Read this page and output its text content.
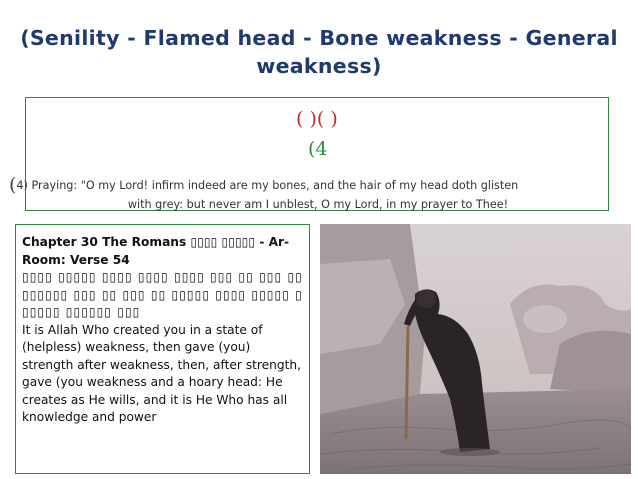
(Senility - Flamed head - Bone weakness - General weakness)
( )( )
(4
(4) Praying: "O my Lord! infirm indeed are my bones, and the hair of my head doth glisten
with grey: but never am I unblest, O my Lord, in my prayer to Thee!
Chapter 30 The Romans ▯▯▯▯ ▯▯▯▯▯ - Ar-Room: Verse 54
▯▯▯▯ ▯▯▯▯▯ ▯▯▯▯ ▯▯▯▯ ▯▯▯▯ ▯▯▯ ▯▯ ▯▯▯ ▯▯ ▯▯▯▯▯▯ ▯▯▯ ▯▯ ▯▯▯ ▯▯ ▯▯▯▯▯ ▯▯▯▯ ▯▯▯▯▯ ▯▯▯▯▯▯ ▯▯▯▯▯▯ ▯▯▯
It is Allah Who created you in a state of (helpless) weakness, then gave (you) strength after weakness, then, after strength, gave (you weakness and a hoary head: He creates as He wills, and it is He Who has all knowledge and power
